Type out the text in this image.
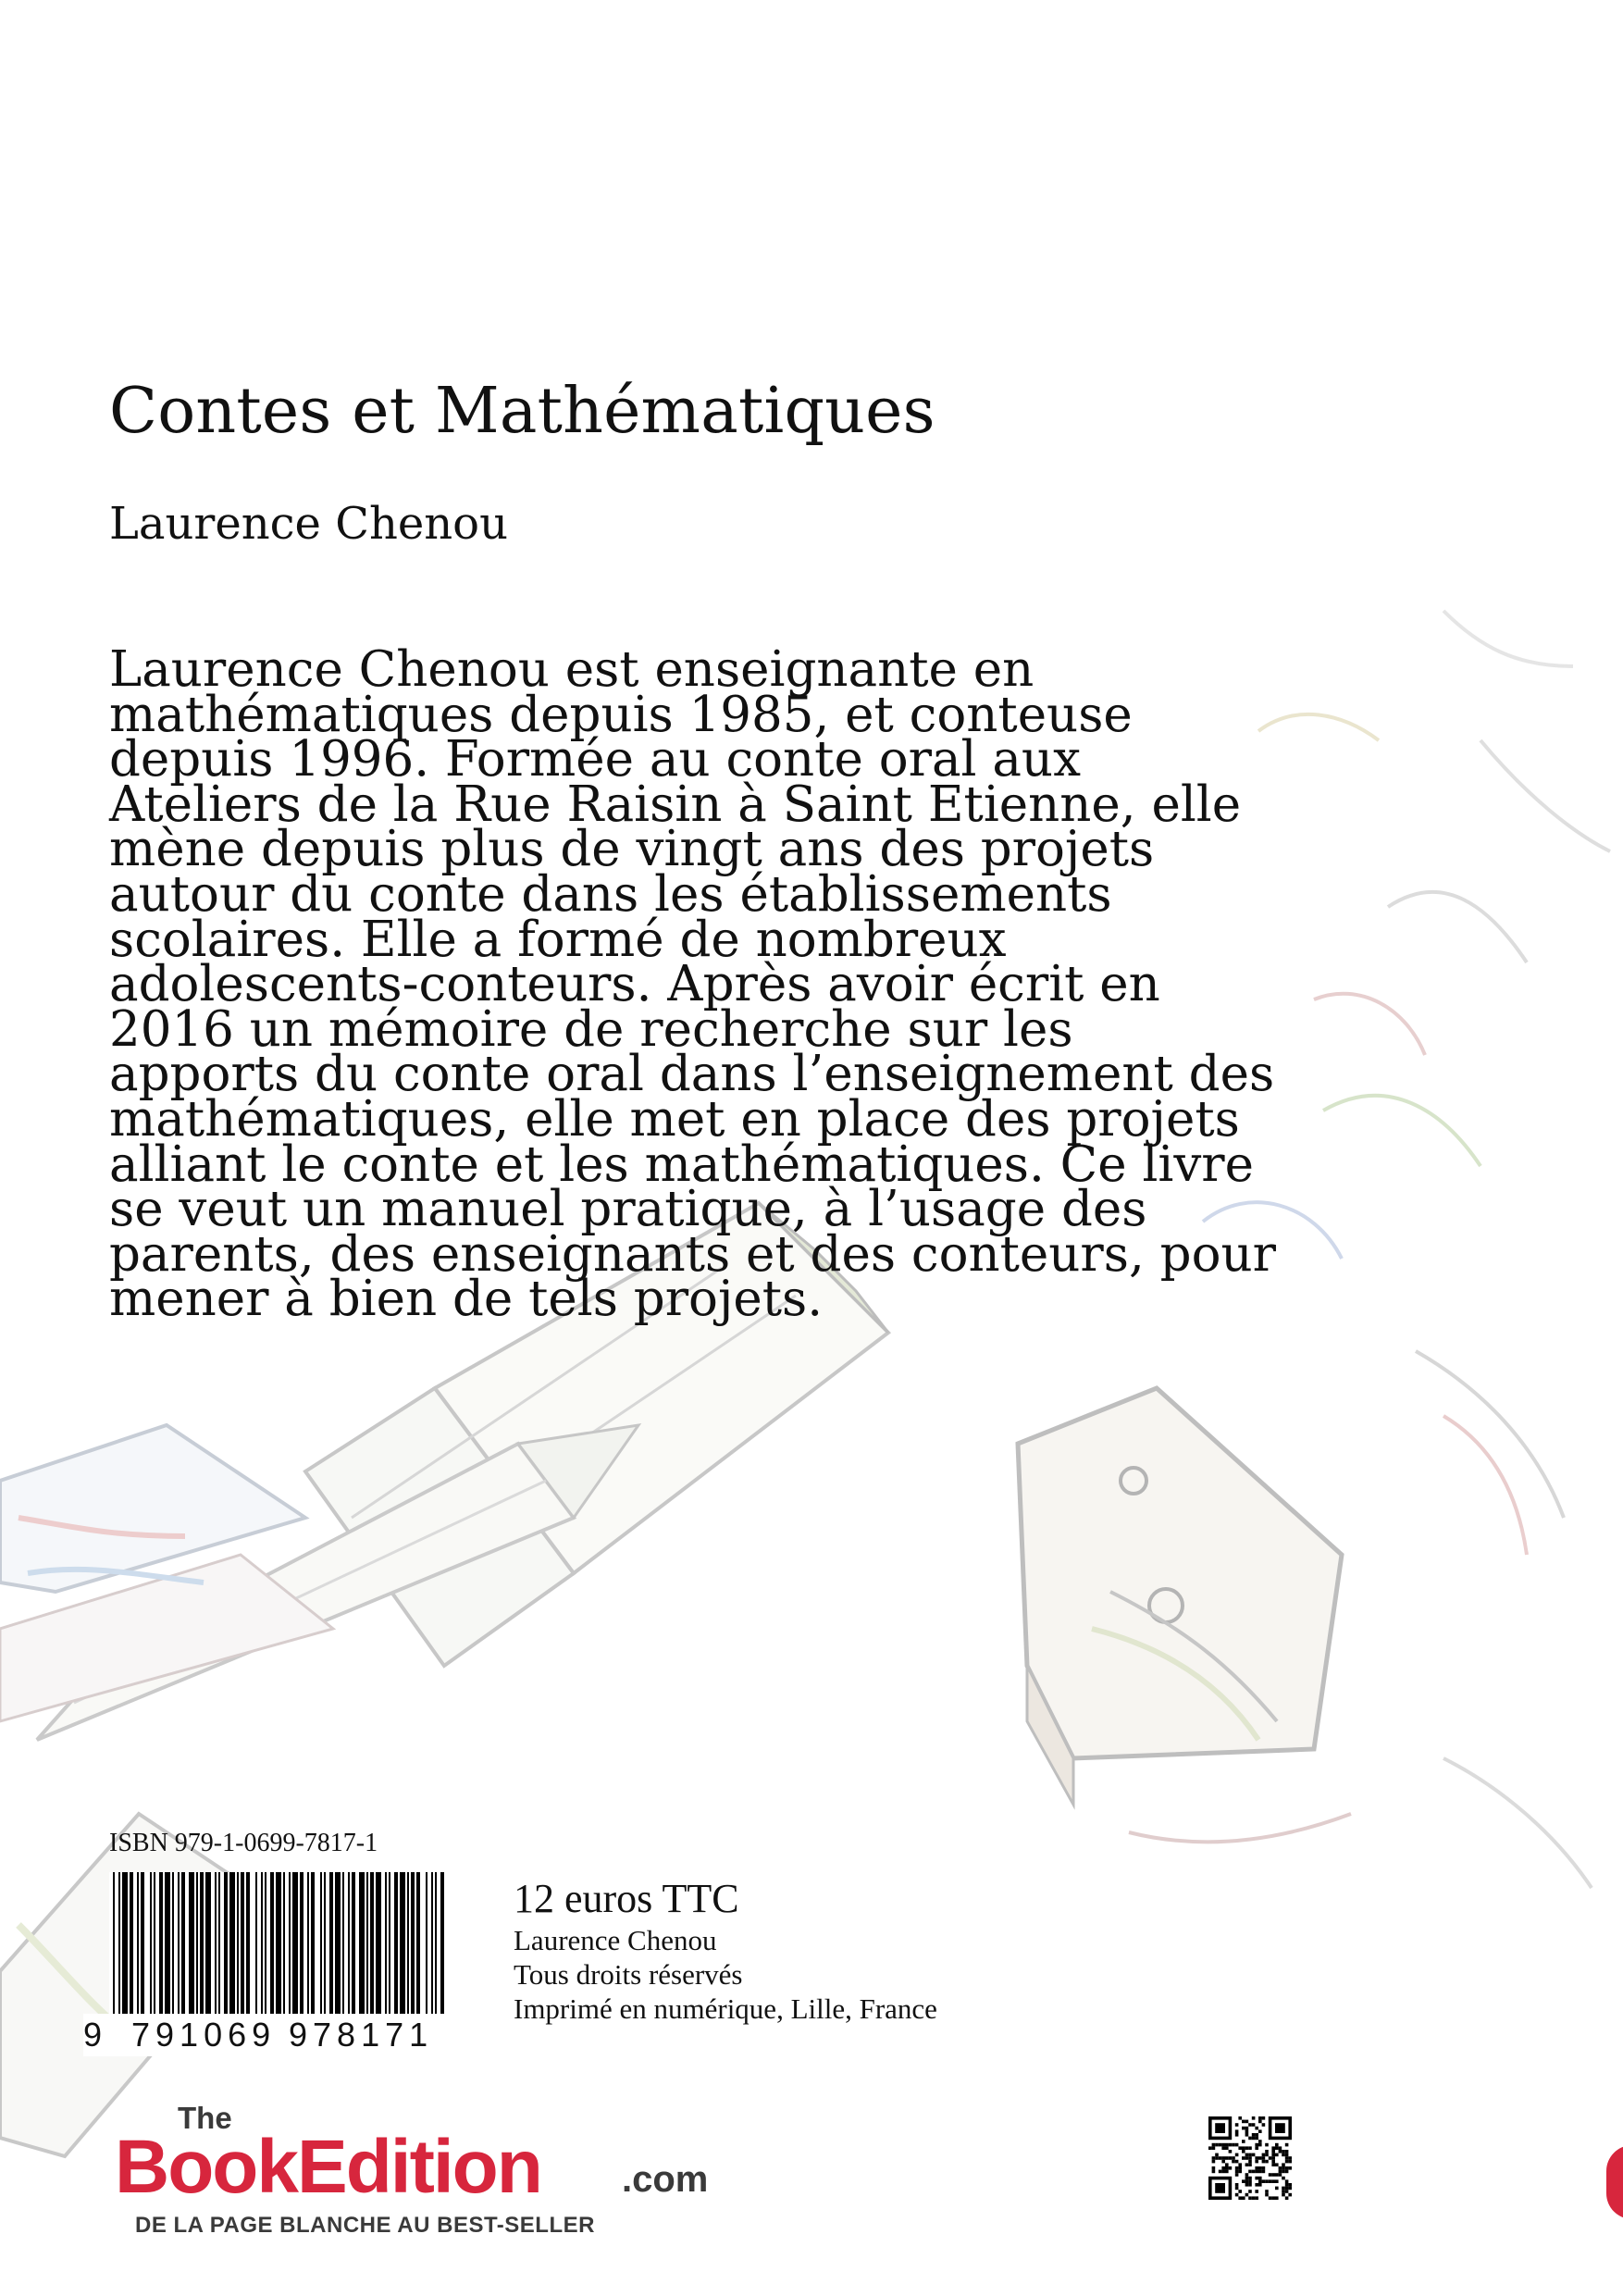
Contes et Mathématiques
Laurence Chenou
Laurence Chenou est enseignante en
mathématiques depuis 1985, et conteuse
depuis 1996. Formée au conte oral aux
Ateliers de la Rue Raisin à Saint Etienne, elle
mène depuis plus de vingt ans des projets
autour du conte dans les établissements
scolaires. Elle a formé de nombreux
adolescents-conteurs. Après avoir écrit en
2016 un mémoire de recherche sur les
apports du conte oral dans l’enseignement des
mathématiques, elle met en place des projets
alliant le conte et les mathématiques. Ce livre
se veut un manuel pratique, à l’usage des
parents, des enseignants et des conteurs, pour
mener à bien de tels projets.
ISBN 979-1-0699-7817-1
9 791069 978171
12 euros TTC
Laurence Chenou
Tous droits réservés
Imprimé en numérique, Lille, France
The
BookEdition .com
DE LA PAGE BLANCHE AU BEST-SELLER
